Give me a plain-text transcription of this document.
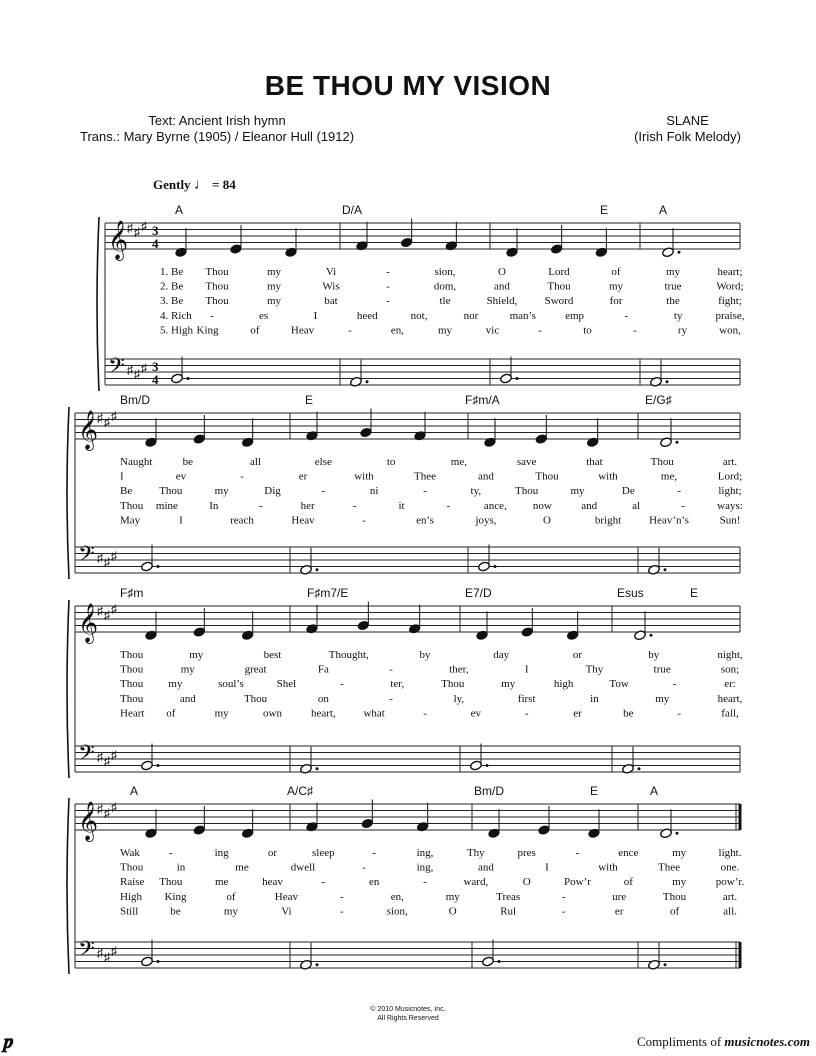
BE THOU MY VISION
Text: Ancient Irish hymn
Trans.: Mary Byrne (1905) / Eleanor Hull (1912)
SLANE
(Irish Folk Melody)
Gently ♩ = 84
𝄞
𝄢
♯
♯
♯
♯
♯
♯
3
4
3
4
A	D/A	E	A
1. Be Thou	my	Vi	-	sion,	O	Lord	of	my	heart;
2. Be Thou	my	Wis	-	dom,	and	Thou	my	true	Word;
3. Be Thou	my	bat	-	tle	Shield, Sword	for	the	fight;
4. Rich -	es	I	heed	not,	nor	man’s	emp	-	ty	praise,
5. High King	of	Heav	-	en,	my	vic	-	to	-	ry	won,
𝄞
𝄢
♯
♯
♯
♯
♯
♯
Bm/D	E	F♯m/A	E/G♯
Naught	be	all	else	to	me,	save	that	Thou	art.
I	ev	-	er	with	Thee	and	Thou	with	me,	Lord;
Be Thou	my	Dig	-	ni	-	ty,	Thou	my	De	-	light;
Thou mine	In	-	her	-	it	-	ance, now	and	al	-	ways:
May	I	reach	Heav	-	en’s	joys,	O	bright	Heav’n’s	Sun!
𝄞
𝄢
♯
♯
♯
♯
♯
♯
F♯m	F♯m7/E	E7/D	Esus	E
Thou	my	best	Thought,	by	day	or	by	night,
Thou	my	great	Fa	-	ther,	I	Thy	true	son;
Thou my	soul’s	Shel	-	ter,	Thou	my	high	Tow	-	er:
Thou	and	Thou	on	-	ly,	first	in	my	heart,
Heart of	my	own	heart,	what	-	ev	-	er	be	-	fall,
𝄞
𝄢
♯
♯
♯
♯
♯
♯
A	A/C♯	Bm/D	E	A
Wak	-	ing	or	sleep	-	ing,	Thy	pres	-	ence	my	light.
Thou	in	me	dwell	-	ing,	and	I	with	Thee	one.
Raise Thou	me	heav	-	en	-	ward,	O	Pow’r	of	my	pow’r.
High King	of	Heav	-	en,	my	Treas	-	ure	Thou	art.
Still	be	my	Vi	-	sion,	O	Rul	-	er	of	all.
© 2010 Musicnotes, Inc.
All Rights Reserved
Compliments of musicnotes.com
𝆏
